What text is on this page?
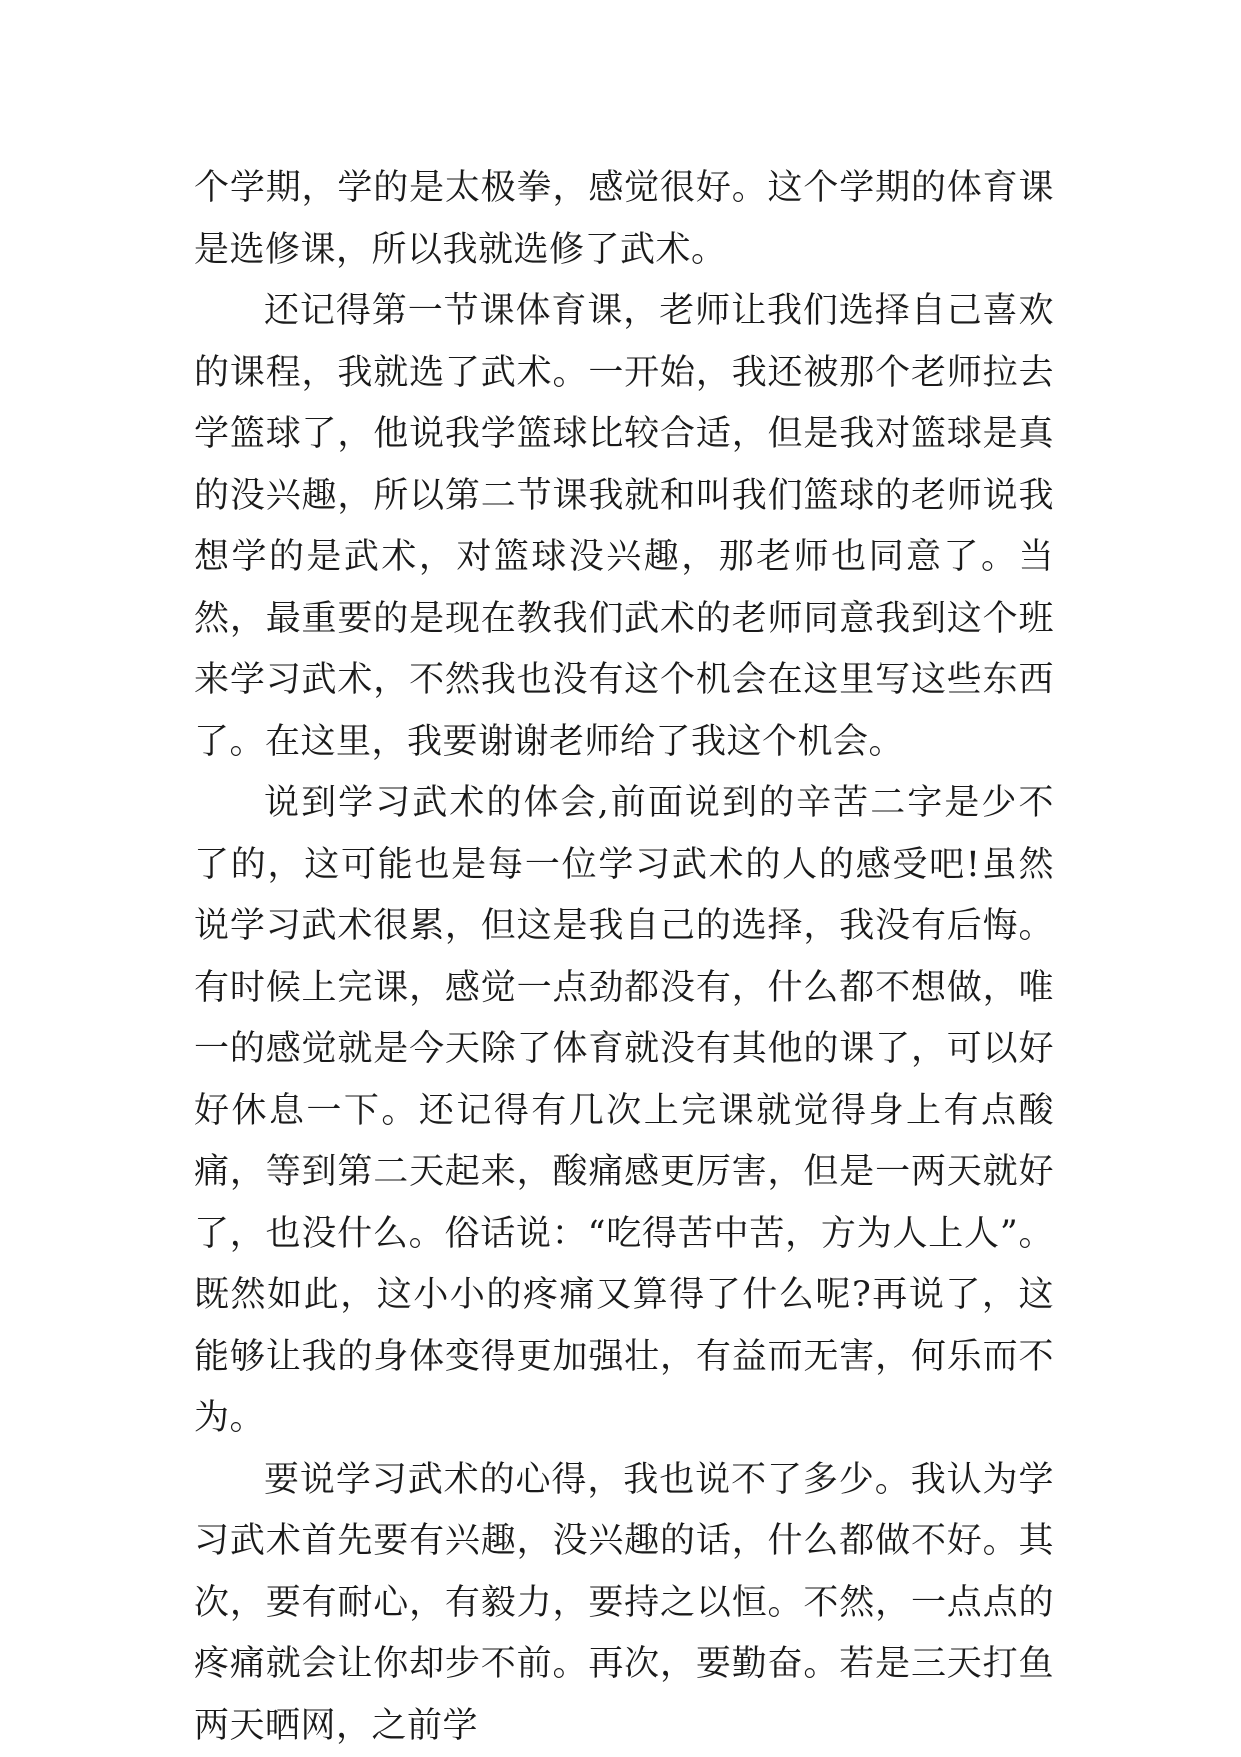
个学期，学的是太极拳，感觉很好。这个学期的体育课是选修课，所以我就选修了武术。

还记得第一节课体育课，老师让我们选择自己喜欢的课程，我就选了武术。一开始，我还被那个老师拉去学篮球了，他说我学篮球比较合适，但是我对篮球是真的没兴趣，所以第二节课我就和叫我们篮球的老师说我想学的是武术，对篮球没兴趣，那老师也同意了。当然，最重要的是现在教我们武术的老师同意我到这个班来学习武术，不然我也没有这个机会在这里写这些东西了。在这里，我要谢谢老师给了我这个机会。

说到学习武术的体会,前面说到的辛苦二字是少不了的，这可能也是每一位学习武术的人的感受吧!虽然说学习武术很累，但这是我自己的选择，我没有后悔。有时候上完课，感觉一点劲都没有，什么都不想做，唯一的感觉就是今天除了体育就没有其他的课了，可以好好休息一下。还记得有几次上完课就觉得身上有点酸痛，等到第二天起来，酸痛感更厉害，但是一两天就好了，也没什么。俗话说：“吃得苦中苦，方为人上人”。既然如此，这小小的疼痛又算得了什么呢?再说了，这能够让我的身体变得更加强壮，有益而无害，何乐而不为。

要说学习武术的心得，我也说不了多少。我认为学习武术首先要有兴趣，没兴趣的话，什么都做不好。其次，要有耐心，有毅力，要持之以恒。不然，一点点的疼痛就会让你却步不前。再次，要勤奋。若是三天打鱼两天晒网，之前学
